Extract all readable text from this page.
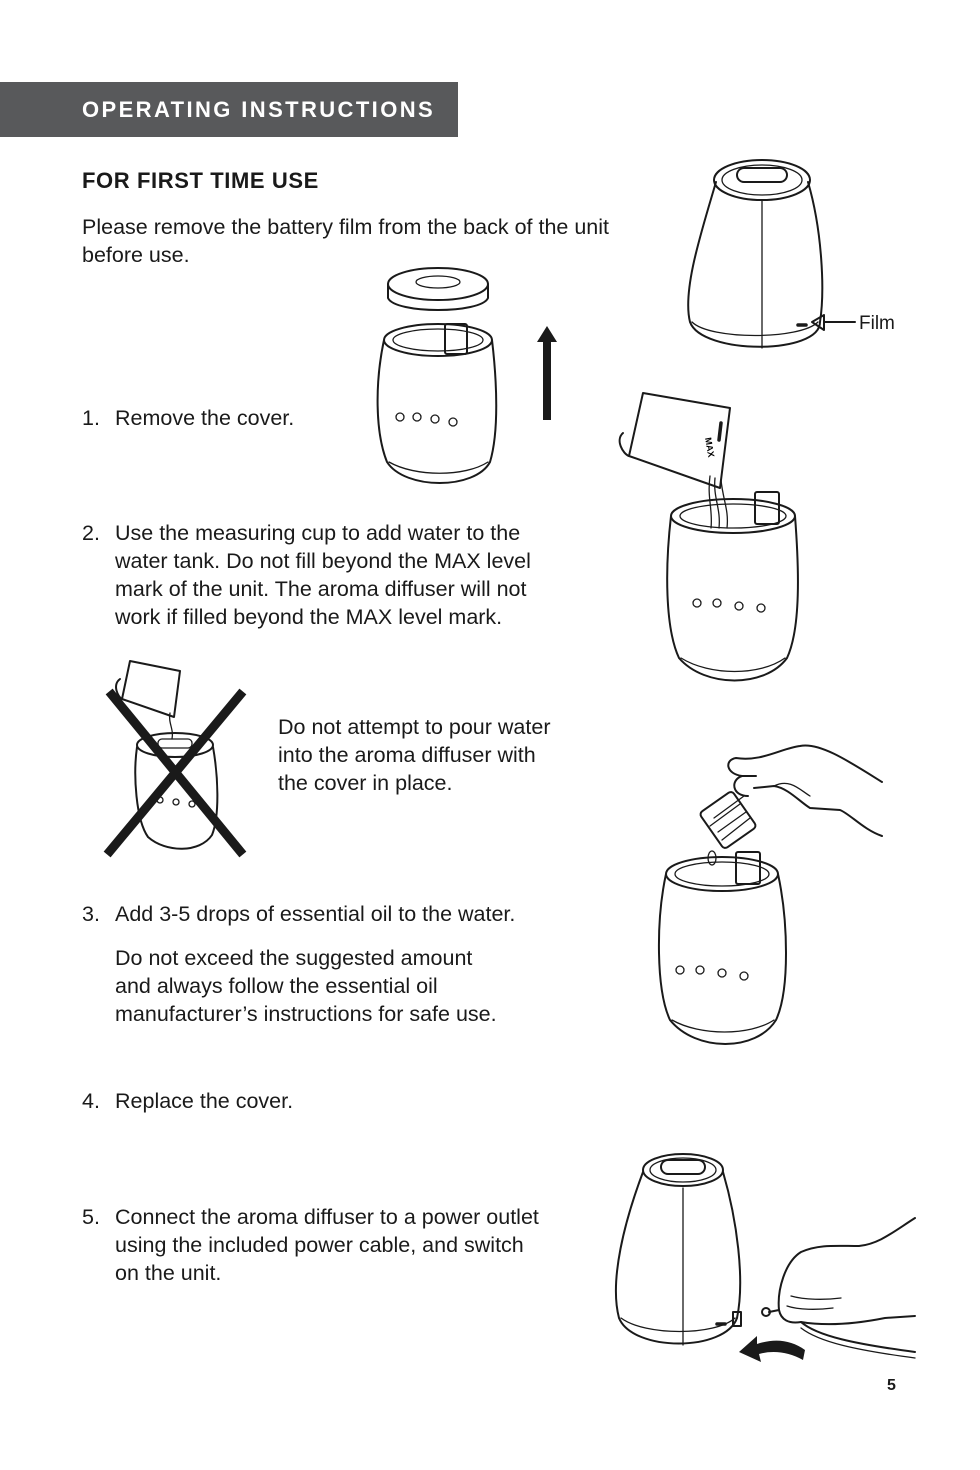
OPERATING INSTRUCTIONS
FOR FIRST TIME USE
Please remove the battery film from the back of the unit before use.
1. Remove the cover.
2. Use the measuring cup to add water to the
water tank. Do not fill beyond the MAX level
mark of the unit. The aroma diffuser will not
work if filled beyond the MAX level mark.
Do not attempt to pour water
into the aroma diffuser with
the cover in place.
3. Add 3-5 drops of essential oil to the water.
Do not exceed the suggested amount
and always follow the essential oil
manufacturer’s instructions for safe use.
4. Replace the cover.
5. Connect the aroma diffuser to a power outlet
using the included power cable, and switch
on the unit.
Film
MAX
5
